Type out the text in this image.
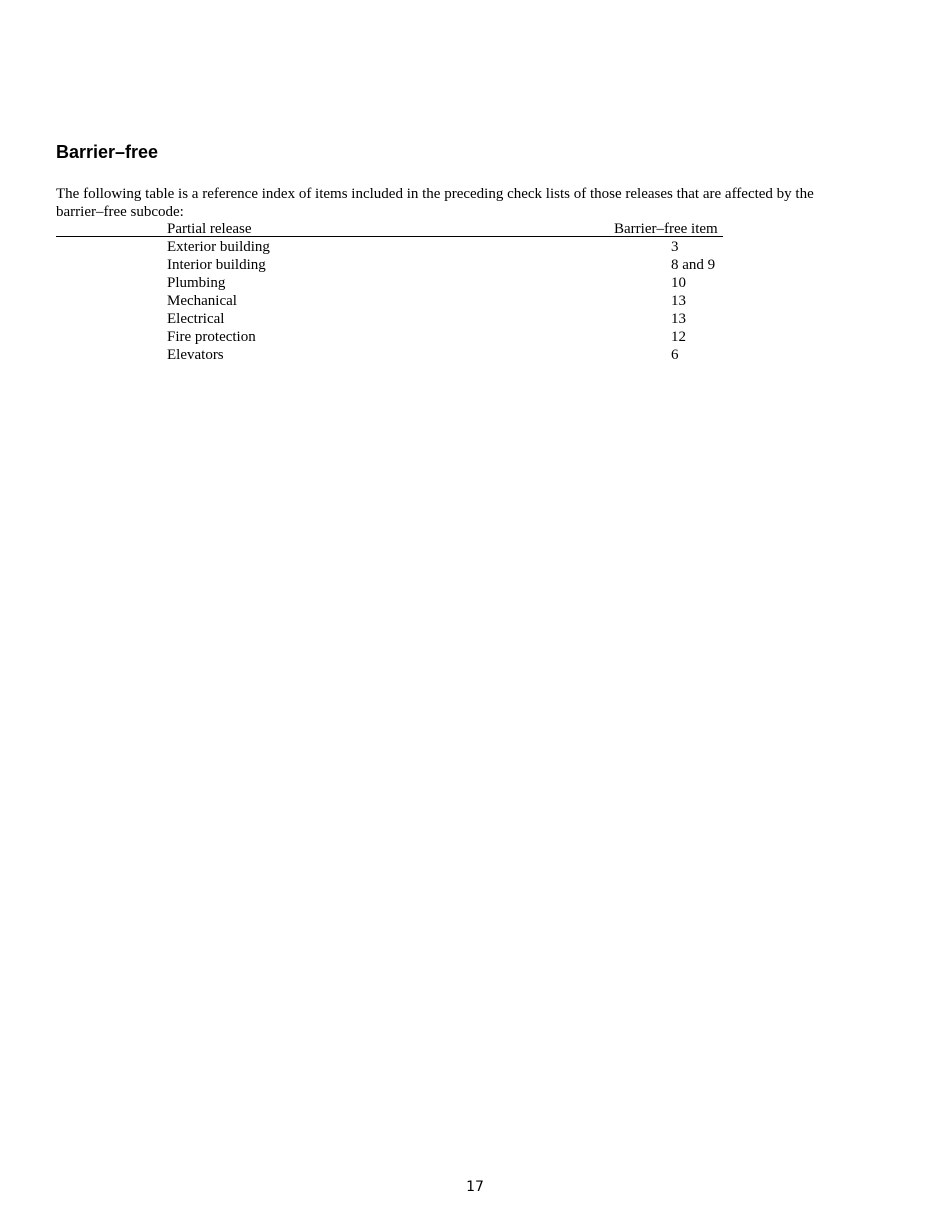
Barrier–free

The following table is a reference index of items included in the preceding check lists of those releases that are affected by the barrier–free subcode:

Partial release	Barrier–free item
Exterior building	3
Interior building	8 and 9
Plumbing	10
Mechanical	13
Electrical	13
Fire protection	12
Elevators	6
17
